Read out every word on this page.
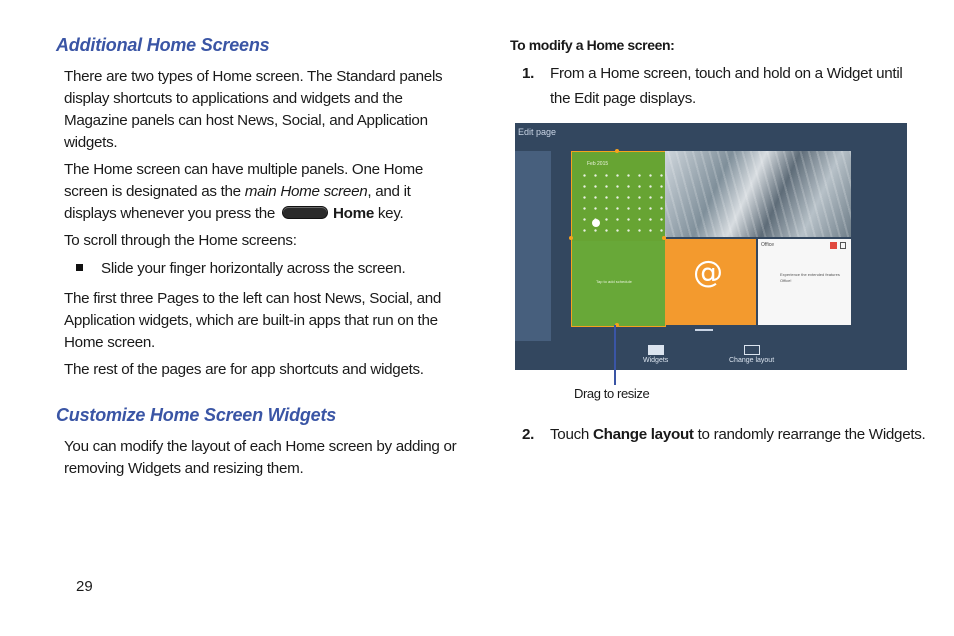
Additional Home Screens

There are two types of Home screen. The Standard panels display shortcuts to applications and widgets and the Magazine panels can host News, Social, and Application widgets.

The Home screen can have multiple panels. One Home screen is designated as the main Home screen, and it displays whenever you press the	Home key.

To scroll through the Home screens:

Slide your finger horizontally across the screen.

The first three Pages to the left can host News, Social, and Application widgets, which are built-in apps that run on the Home screen.

The rest of the pages are for app shortcuts and widgets.

Customize Home Screen Widgets

You can modify the layout of each Home screen by adding or removing Widgets and resizing them.

To modify a Home screen:
1. From a Home screen, touch and hold on a Widget until the Edit page displays.
Edit page
Feb 2015
Tap to add schedule @
Office
Experience the extended features Office!
Widgets	Change layout
Drag to resize
2. Touch Change layout to randomly rearrange the Widgets.
29
